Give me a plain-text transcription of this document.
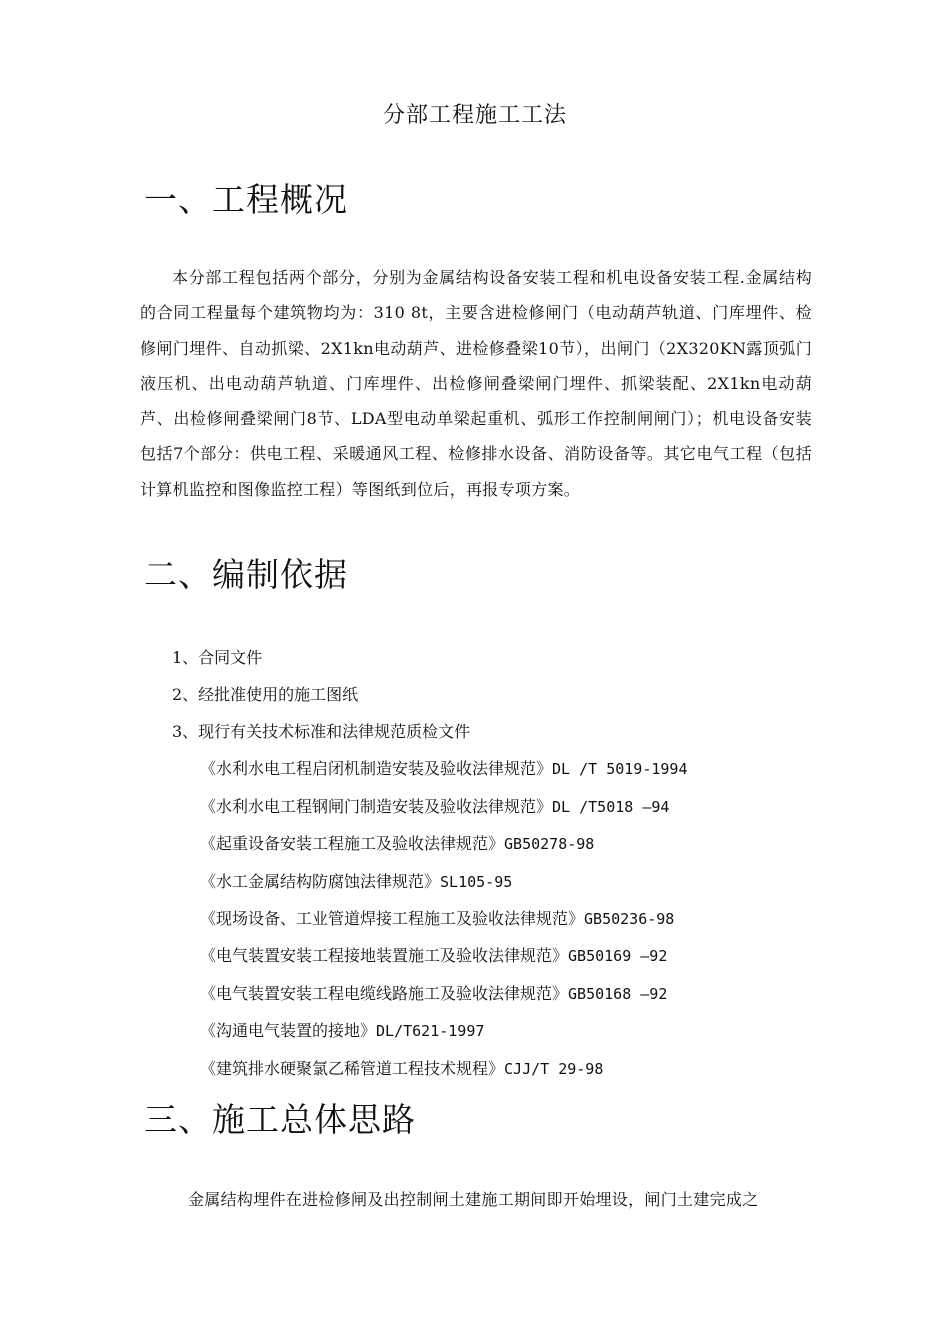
分部工程施工工法
一、工程概况
本分部工程包括两个部分，分别为金属结构设备安装工程和机电设备安装工程.金属结构的合同工程量每个建筑物均为：310 8t，主要含进检修闸门（电动葫芦轨道、门库埋件、检修闸门埋件、自动抓梁、2X1kn电动葫芦、进检修叠梁10节），出闸门（2X320KN露顶弧门液压机、出电动葫芦轨道、门库埋件、出检修闸叠梁闸门埋件、抓梁装配、2X1kn电动葫芦、出检修闸叠梁闸门8节、LDA型电动单梁起重机、弧形工作控制闸闸门）；机电设备安装包括7个部分：供电工程、采暖通风工程、检修排水设备、消防设备等。其它电气工程（包括计算机监控和图像监控工程）等图纸到位后，再报专项方案。
二、编制依据
1、合同文件
2、经批准使用的施工图纸
3、现行有关技术标准和法律规范质检文件
《水利水电工程启闭机制造安装及验收法律规范》DL /T 5019-1994
《水利水电工程钢闸门制造安装及验收法律规范》DL /T5018 —94
《起重设备安装工程施工及验收法律规范》GB50278-98
《水工金属结构防腐蚀法律规范》SL105-95
《现场设备、工业管道焊接工程施工及验收法律规范》GB50236-98
《电气装置安装工程接地装置施工及验收法律规范》GB50169 —92
《电气装置安装工程电缆线路施工及验收法律规范》GB50168 —92
《沟通电气装置的接地》DL/T621-1997
《建筑排水硬聚氯乙稀管道工程技术规程》CJJ/T 29-98
三、施工总体思路
金属结构埋件在进检修闸及出控制闸土建施工期间即开始埋设，闸门土建完成之
